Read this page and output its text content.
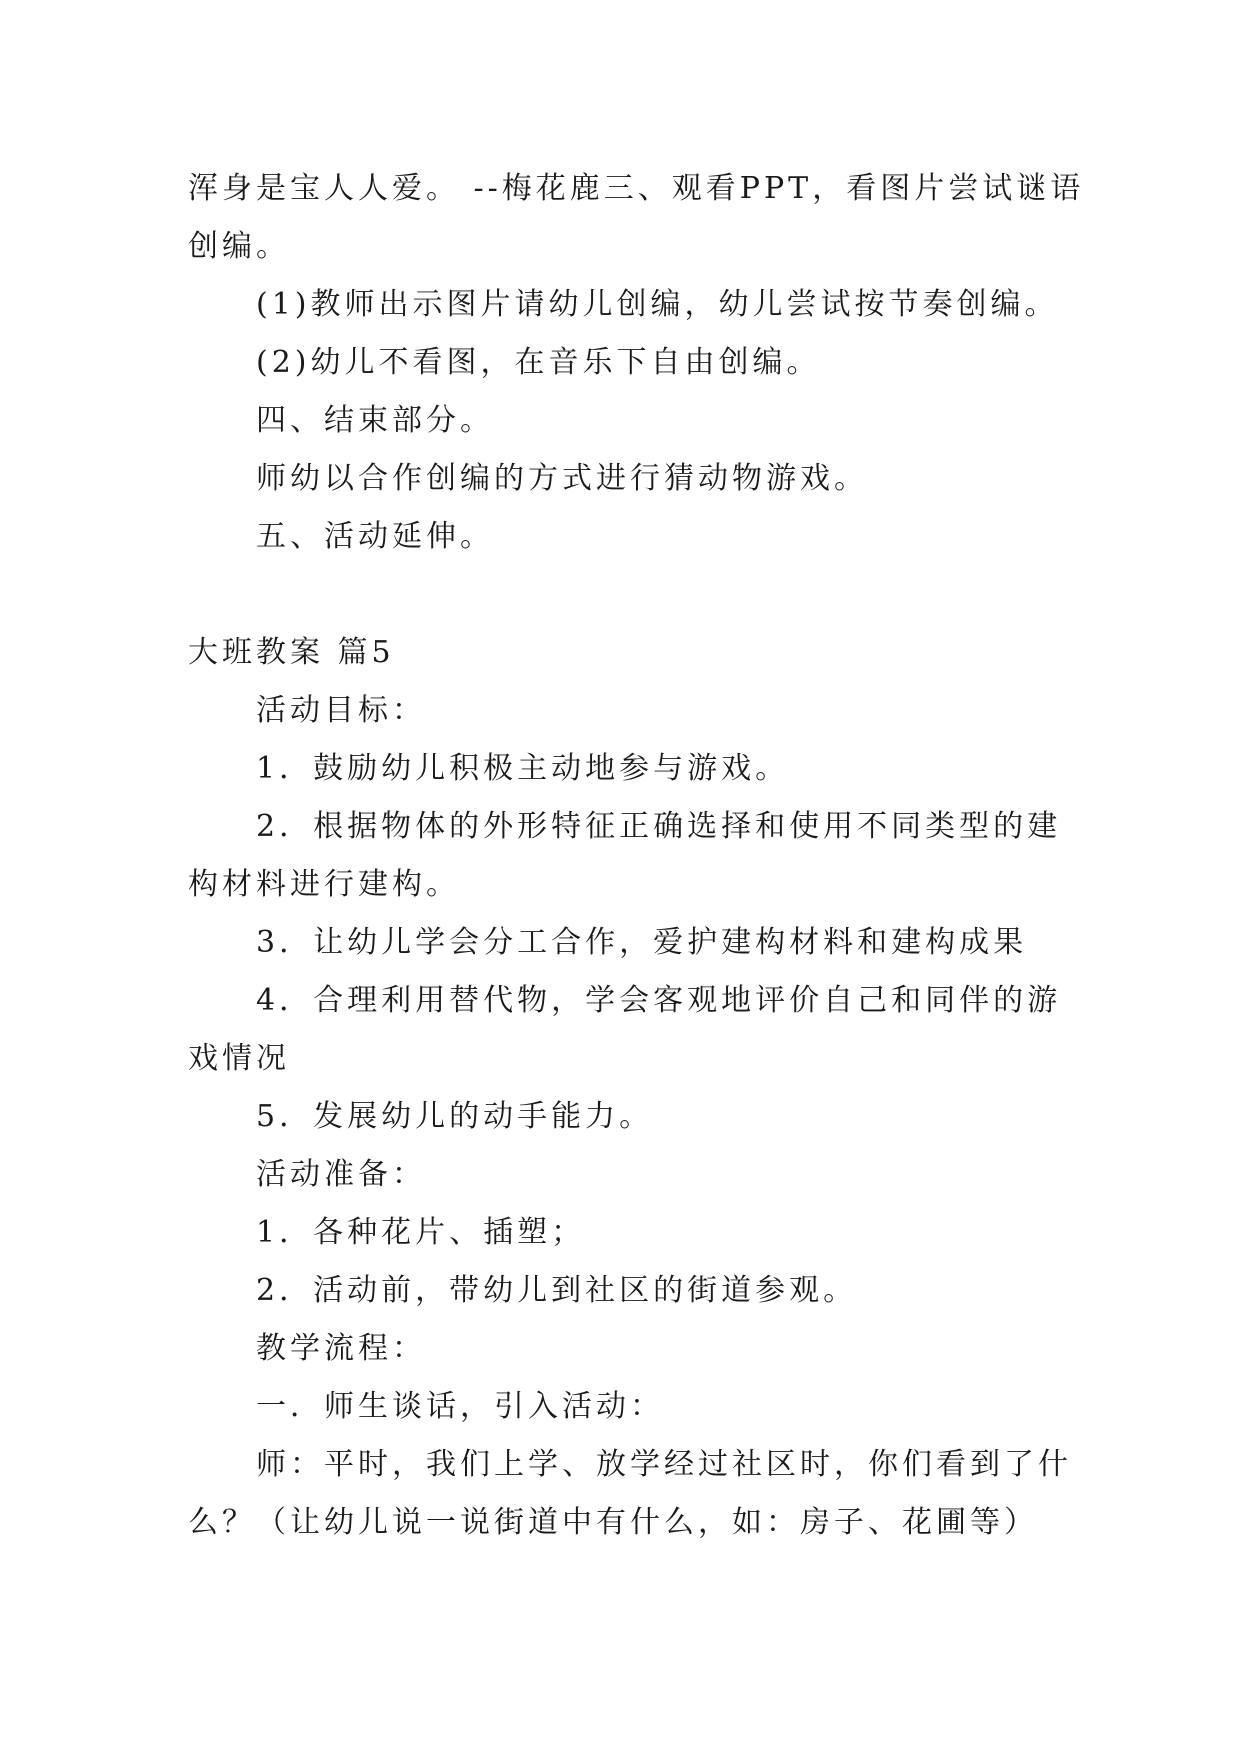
浑身是宝人人爱。 --梅花鹿三、观看PPT，看图片尝试谜语

创编。

(1)教师出示图片请幼儿创编，幼儿尝试按节奏创编。

(2)幼儿不看图，在音乐下自由创编。

四、结束部分。

师幼以合作创编的方式进行猜动物游戏。

五、活动延伸。

大班教案 篇5

活动目标：

1．鼓励幼儿积极主动地参与游戏。

2．根据物体的外形特征正确选择和使用不同类型的建

构材料进行建构。

3．让幼儿学会分工合作，爱护建构材料和建构成果

4．合理利用替代物，学会客观地评价自己和同伴的游

戏情况

5．发展幼儿的动手能力。

活动准备：

1．各种花片、插塑；

2．活动前，带幼儿到社区的街道参观。

教学流程：

一．师生谈话，引入活动：

师：平时，我们上学、放学经过社区时，你们看到了什

么？（让幼儿说一说街道中有什么，如：房子、花圃等）
